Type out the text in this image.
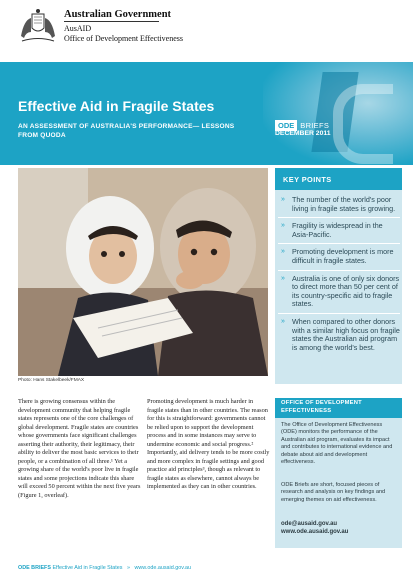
Australian Government
AusAID
Office of Development Effectiveness
Effective Aid in Fragile States
AN ASSESSMENT OF AUSTRALIA'S PERFORMANCE— LESSONS FROM QUODA
ODE BRIEFS
DECEMBER 2011
Photo: Hans Stakelbeek/FMAX
There is growing consensus within the development community that helping fragile states represents one of the core challenges of global development. Fragile states are countries whose governments face significant challenges asserting their authority, their legitimacy, their ability to deliver the most basic services to their people, or a combination of all three.¹ Yet a growing share of the world's poor live in fragile states and some projections indicate this share will exceed 50 percent within the next five years (Figure 1, overleaf).
Promoting development is much harder in fragile states than in other countries. The reason for this is straightforward: governments cannot be relied upon to support the development process and in some instances may serve to undermine economic and social progress.² Importantly, aid delivery tends to be more costly and more complex in fragile settings and good practice aid principles³, though as relevant to fragile states as elsewhere, cannot always be implemented as they can in other countries.
KEY POINTS
» The number of the world's poor living in fragile states is growing.
» Fragility is widespread in the Asia-Pacific.
» Promoting development is more difficult in fragile states.
» Australia is one of only six donors to direct more than 50 per cent of its country-specific aid to fragile states.
» When compared to other donors with a similar high focus on fragile states the Australian aid program is among the world's best.
OFFICE OF DEVELOPMENT EFFECTIVENESS
The Office of Development Effectiveness (ODE) monitors the performance of the Australian aid program, evaluates its impact and contributes to international evidence and debate about aid and development effectiveness.
ODE Briefs are short, focused pieces of research and analysis on key findings and emerging themes on aid effectiveness.
ode@ausaid.gov.au
www.ode.ausaid.gov.au
ODE BRIEFS Effective Aid in Fragile States » www.ode.ausaid.gov.au
